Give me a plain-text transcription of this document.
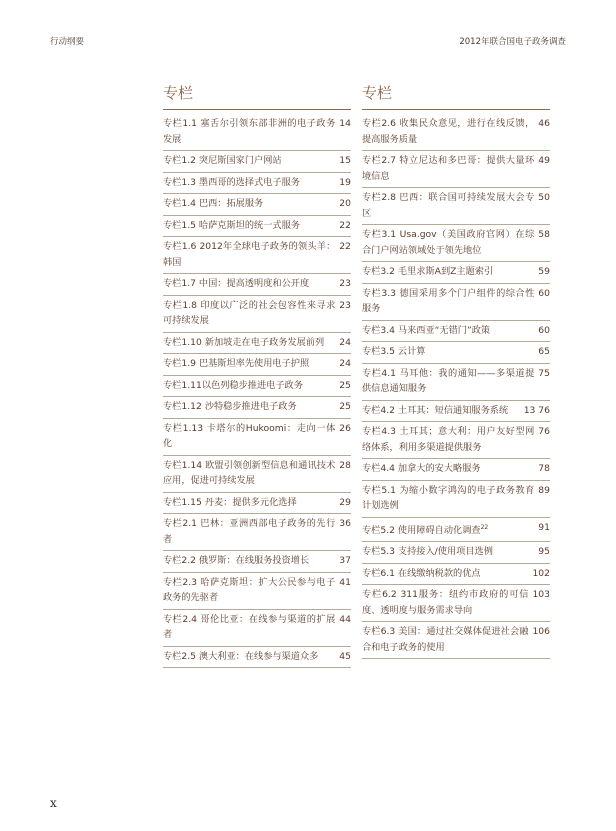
行动纲要	2012年联合国电子政务调查
专栏
14
专栏1.1 塞舌尔引领东部非洲的电子政务发展
15
专栏1.2 突尼斯国家门户网站
19
专栏1.3 墨西哥的选择式电子服务
20
专栏1.4 巴西：拓展服务
22
专栏1.5 哈萨克斯坦的统一式服务
22
专栏1.6 2012年全球电子政务的领头羊：韩国
23
专栏1.7 中国：提高透明度和公开度
23
专栏1.8 印度以广泛的社会包容性来寻求可持续发展
24
专栏1.10 新加坡走在电子政务发展前列
24
专栏1.9 巴基斯坦率先使用电子护照
25
专栏1.11以色列稳步推进电子政务
25
专栏1.12 沙特稳步推进电子政务
26
专栏1.13 卡塔尔的Hukoomi：走向一体化
28
专栏1.14 欧盟引领创新型信息和通讯技术应用，促进可持续发展
29
专栏1.15 丹麦：提供多元化选择
36
专栏2.1 巴林：亚洲西部电子政务的先行者
37
专栏2.2 俄罗斯：在线服务投资增长
41
专栏2.3 哈萨克斯坦：扩大公民参与电子政务的先驱者
44
专栏2.4 哥伦比亚：在线参与渠道的扩展者
45
专栏2.5 澳大利亚：在线参与渠道众多
专栏
46
专栏2.6 收集民众意见，进行在线反馈，提高服务质量
49
专栏2.7 特立尼达和多巴哥：提供大量环境信息
50
专栏2.8 巴西：联合国可持续发展大会专区
58
专栏3.1 Usa.gov（美国政府官网）在综合门户网站领域处于领先地位
59
专栏3.2 毛里求斯A到Z主题索引
60
专栏3.3 德国采用多个门户组件的综合性服务
60
专栏3.4 马来西亚“无错门”政策
65
专栏3.5 云计算
75
专栏4.1 马耳他：我的通知——多渠道提供信息通知服务
13 76
专栏4.2 土耳其：短信通知服务系统
76
专栏4.3 土耳其；意大利：用户友好型网络体系，利用多渠道提供服务
78
专栏4.4 加拿大的安大略服务
89
专栏5.1 为缩小数字鸿沟的电子政务教育计划选例
91
专栏5.2 使用障碍自动化调查$^{22}$
95
专栏5.3 支持接入/使用项目选例
102
专栏6.1 在线缴纳税款的优点
103
专栏6.2 311服务：纽约市政府的可信度、透明度与服务需求导向
106
专栏6.3 美国：通过社交媒体促进社会融合和电子政务的使用
x
